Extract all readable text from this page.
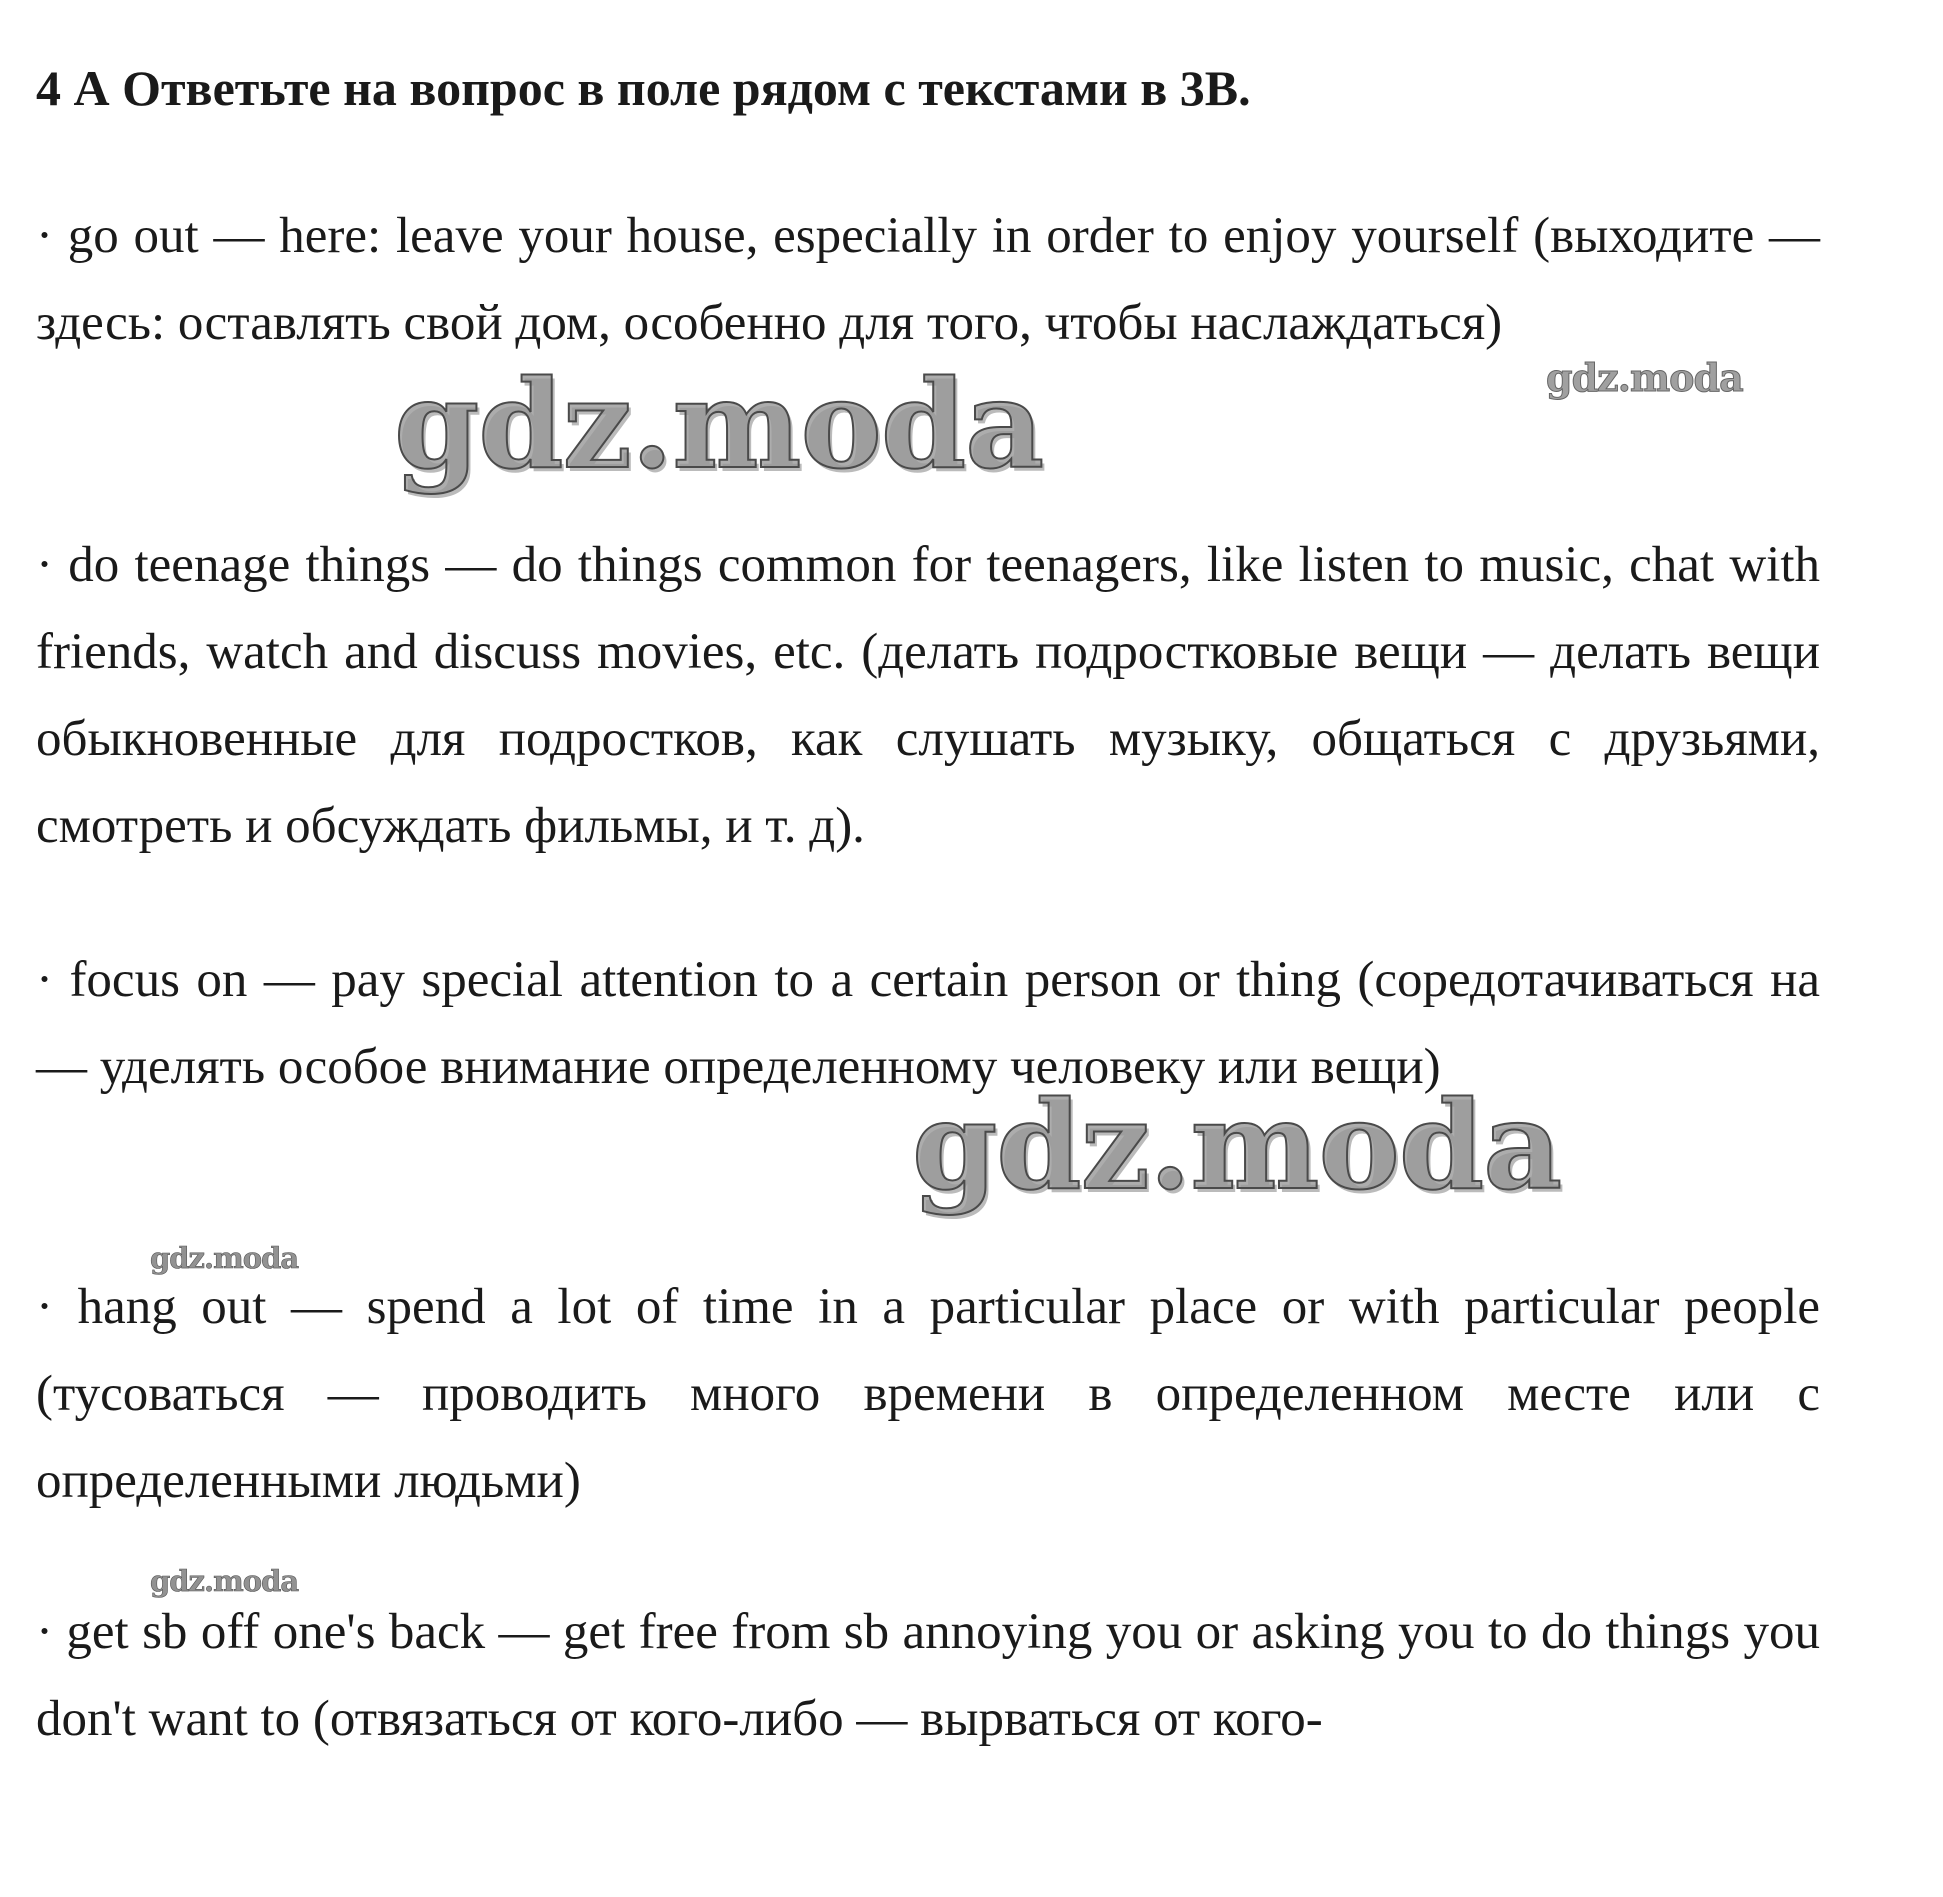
4 А Ответьте на вопрос в поле рядом с текстами в 3В.

· go out — here: leave your house, especially in order to enjoy yourself (выходите — здесь: оставлять свой дом, особенно для того, чтобы наслаждаться)

· do teenage things — do things common for teenagers, like listen to music, chat with friends, watch and discuss movies, etc. (делать подростковые вещи — делать вещи обыкновенные для подростков, как слушать музыку, общаться с друзьями, смотреть и обсуждать фильмы, и т. д).

· focus on — pay special attention to a certain person or thing (соредотачиваться на — уделять особое внимание определенному человеку или вещи)

· hang out — spend a lot of time in a particular place or with particular people (тусоваться — проводить много времени в определенном месте или с определенными людьми)

· get sb off one's back — get free from sb annoying you or asking you to do things you don't want to (отвязаться от кого-либо — вырваться от кого-

gdz.moda	gdz.moda
gdz.moda
gdz.moda
gdz.moda
